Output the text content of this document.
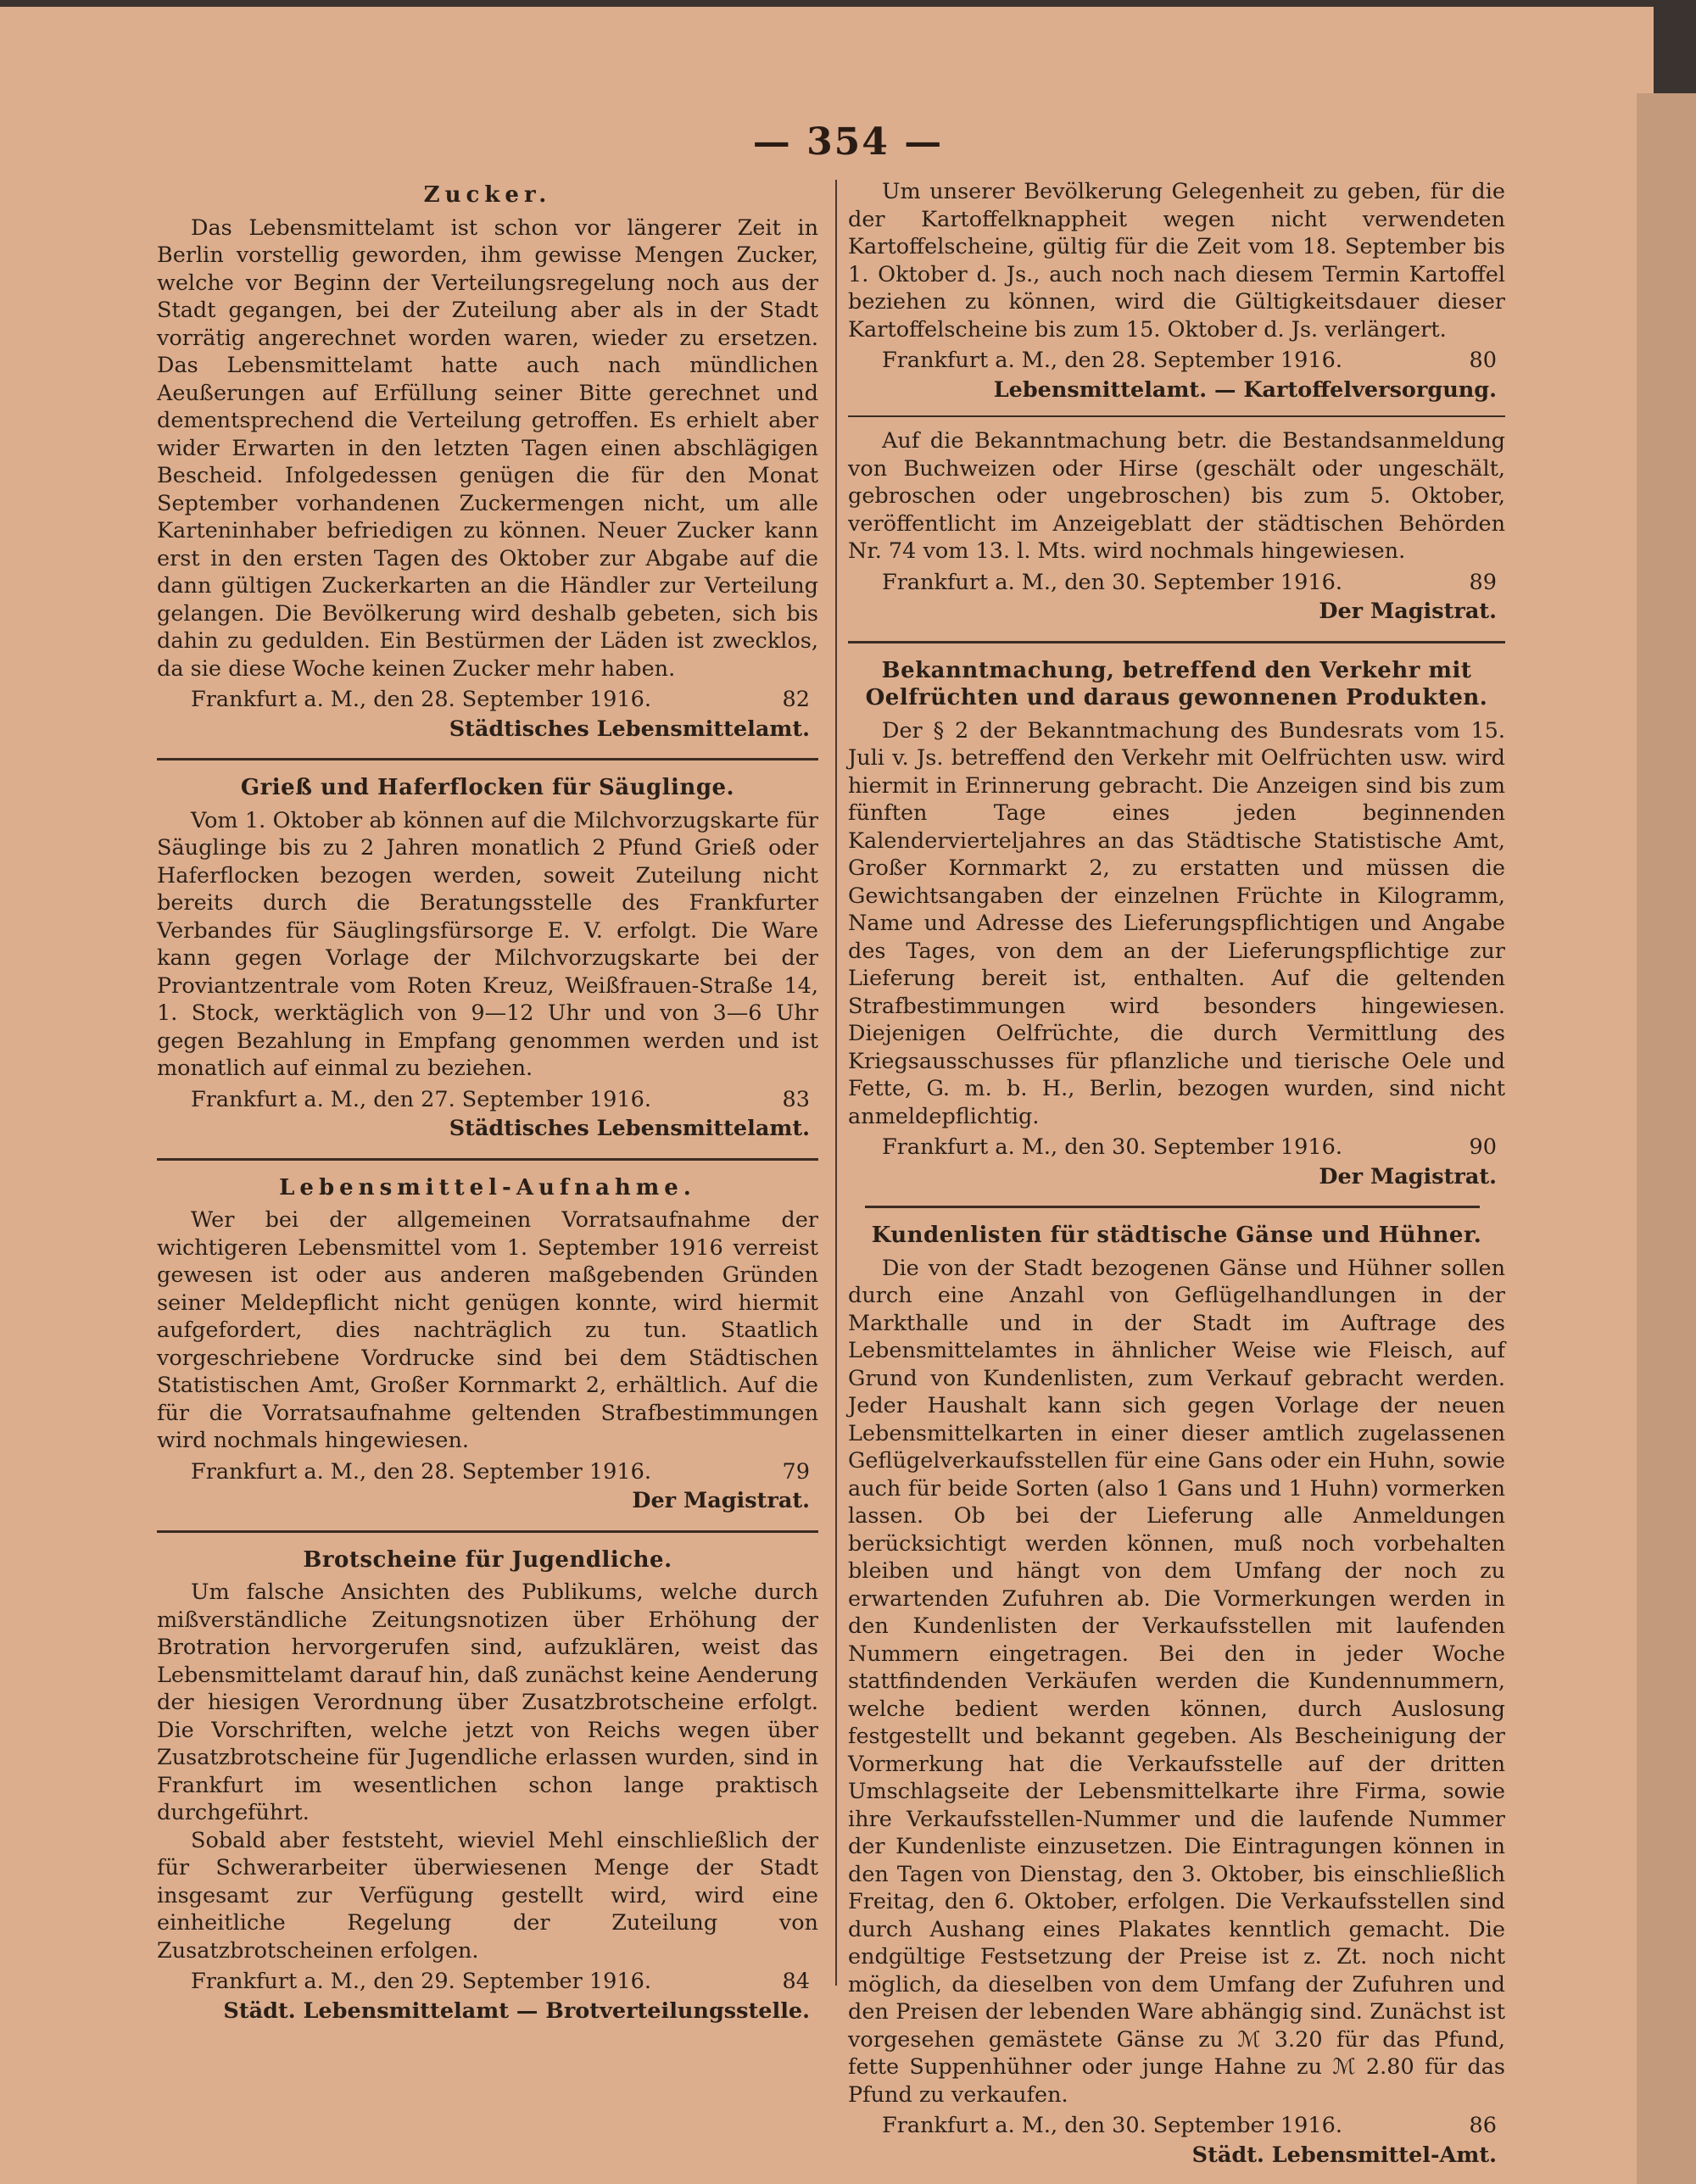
— 354 —
Zucker.

Das Lebensmittelamt ist schon vor längerer Zeit in Berlin vorstellig geworden, ihm gewisse Mengen Zucker, welche vor Beginn der Verteilungsregelung noch aus der Stadt gegangen, bei der Zuteilung aber als in der Stadt vorrätig angerechnet worden waren, wieder zu ersetzen. Das Lebensmittelamt hatte auch nach mündlichen Aeußerungen auf Erfüllung seiner Bitte gerechnet und dementsprechend die Verteilung getroffen. Es erhielt aber wider Erwarten in den letzten Tagen einen abschlägigen Bescheid. Infolgedessen genügen die für den Monat September vorhandenen Zuckermengen nicht, um alle Karteninhaber befriedigen zu können. Neuer Zucker kann erst in den ersten Tagen des Oktober zur Abgabe auf die dann gültigen Zuckerkarten an die Händler zur Verteilung gelangen. Die Bevölkerung wird deshalb gebeten, sich bis dahin zu gedulden. Ein Bestürmen der Läden ist zwecklos, da sie diese Woche keinen Zucker mehr haben.

Frankfurt a. M., den 28. September 1916.	82
Städtisches Lebensmittelamt.
Grieß und Haferflocken für Säuglinge.

Vom 1. Oktober ab können auf die Milchvorzugskarte für Säuglinge bis zu 2 Jahren monatlich 2 Pfund Grieß oder Haferflocken bezogen werden, soweit Zuteilung nicht bereits durch die Beratungsstelle des Frankfurter Verbandes für Säuglingsfürsorge E. V. erfolgt. Die Ware kann gegen Vorlage der Milchvorzugskarte bei der Proviantzentrale vom Roten Kreuz, Weißfrauen-Straße 14, 1. Stock, werktäglich von 9—12 Uhr und von 3—6 Uhr gegen Bezahlung in Empfang genommen werden und ist monatlich auf einmal zu beziehen.

Frankfurt a. M., den 27. September 1916.	83
Städtisches Lebensmittelamt.
Lebensmittel-Aufnahme.

Wer bei der allgemeinen Vorratsaufnahme der wichtigeren Lebensmittel vom 1. September 1916 verreist gewesen ist oder aus anderen maßgebenden Gründen seiner Meldepflicht nicht genügen konnte, wird hiermit aufgefordert, dies nachträglich zu tun. Staatlich vorgeschriebene Vordrucke sind bei dem Städtischen Statistischen Amt, Großer Kornmarkt 2, erhältlich. Auf die für die Vorratsaufnahme geltenden Strafbestimmungen wird nochmals hingewiesen.

Frankfurt a. M., den 28. September 1916.	79
Der Magistrat.
Brotscheine für Jugendliche.

Um falsche Ansichten des Publikums, welche durch mißverständliche Zeitungsnotizen über Erhöhung der Brotration hervorgerufen sind, aufzuklären, weist das Lebensmittelamt darauf hin, daß zunächst keine Aenderung der hiesigen Verordnung über Zusatzbrotscheine erfolgt. Die Vorschriften, welche jetzt von Reichs wegen über Zusatzbrotscheine für Jugendliche erlassen wurden, sind in Frankfurt im wesentlichen schon lange praktisch durchgeführt.

Sobald aber feststeht, wieviel Mehl einschließlich der für Schwerarbeiter überwiesenen Menge der Stadt insgesamt zur Verfügung gestellt wird, wird eine einheitliche Regelung der Zuteilung von Zusatzbrotscheinen erfolgen.

Frankfurt a. M., den 29. September 1916.	84
Städt. Lebensmittelamt — Brotverteilungsstelle.

Um unserer Bevölkerung Gelegenheit zu geben, für die der Kartoffelknappheit wegen nicht verwendeten Kartoffelscheine, gültig für die Zeit vom 18. September bis 1. Oktober d. Js., auch noch nach diesem Termin Kartoffel beziehen zu können, wird die Gültigkeitsdauer dieser Kartoffelscheine bis zum 15. Oktober d. Js. verlängert.

Frankfurt a. M., den 28. September 1916.	80
Lebensmittelamt. — Kartoffelversorgung.

Auf die Bekanntmachung betr. die Bestandsanmeldung von Buchweizen oder Hirse (geschält oder ungeschält, gebroschen oder ungebroschen) bis zum 5. Oktober, veröffentlicht im Anzeigeblatt der städtischen Behörden Nr. 74 vom 13. l. Mts. wird nochmals hingewiesen.

Frankfurt a. M., den 30. September 1916.	89
Der Magistrat.
Bekanntmachung, betreffend den Verkehr mit Oelfrüchten und daraus gewonnenen Produkten.

Der § 2 der Bekanntmachung des Bundesrats vom 15. Juli v. Js. betreffend den Verkehr mit Oelfrüchten usw. wird hiermit in Erinnerung gebracht. Die Anzeigen sind bis zum fünften Tage eines jeden beginnenden Kalendervierteljahres an das Städtische Statistische Amt, Großer Kornmarkt 2, zu erstatten und müssen die Gewichtsangaben der einzelnen Früchte in Kilogramm, Name und Adresse des Lieferungspflichtigen und Angabe des Tages, von dem an der Lieferungspflichtige zur Lieferung bereit ist, enthalten. Auf die geltenden Strafbestimmungen wird besonders hingewiesen. Diejenigen Oelfrüchte, die durch Vermittlung des Kriegsausschusses für pflanzliche und tierische Oele und Fette, G. m. b. H., Berlin, bezogen wurden, sind nicht anmeldepflichtig.

Frankfurt a. M., den 30. September 1916.	90
Der Magistrat.
Kundenlisten für städtische Gänse und Hühner.

Die von der Stadt bezogenen Gänse und Hühner sollen durch eine Anzahl von Geflügelhandlungen in der Markthalle und in der Stadt im Auftrage des Lebensmittelamtes in ähnlicher Weise wie Fleisch, auf Grund von Kundenlisten, zum Verkauf gebracht werden. Jeder Haushalt kann sich gegen Vorlage der neuen Lebensmittelkarten in einer dieser amtlich zugelassenen Geflügelverkaufsstellen für eine Gans oder ein Huhn, sowie auch für beide Sorten (also 1 Gans und 1 Huhn) vormerken lassen. Ob bei der Lieferung alle Anmeldungen berücksichtigt werden können, muß noch vorbehalten bleiben und hängt von dem Umfang der noch zu erwartenden Zufuhren ab. Die Vormerkungen werden in den Kundenlisten der Verkaufsstellen mit laufenden Nummern eingetragen. Bei den in jeder Woche stattfindenden Verkäufen werden die Kundennummern, welche bedient werden können, durch Auslosung festgestellt und bekannt gegeben. Als Bescheinigung der Vormerkung hat die Verkaufsstelle auf der dritten Umschlagseite der Lebensmittelkarte ihre Firma, sowie ihre Verkaufsstellen-Nummer und die laufende Nummer der Kundenliste einzusetzen. Die Eintragungen können in den Tagen von Dienstag, den 3. Oktober, bis einschließlich Freitag, den 6. Oktober, erfolgen. Die Verkaufsstellen sind durch Aushang eines Plakates kenntlich gemacht. Die endgültige Festsetzung der Preise ist z. Zt. noch nicht möglich, da dieselben von dem Umfang der Zufuhren und den Preisen der lebenden Ware abhängig sind. Zunächst ist vorgesehen gemästete Gänse zu ℳ 3.20 für das Pfund, fette Suppenhühner oder junge Hahne zu ℳ 2.80 für das Pfund zu verkaufen.

Frankfurt a. M., den 30. September 1916.	86
Städt. Lebensmittel-Amt.
